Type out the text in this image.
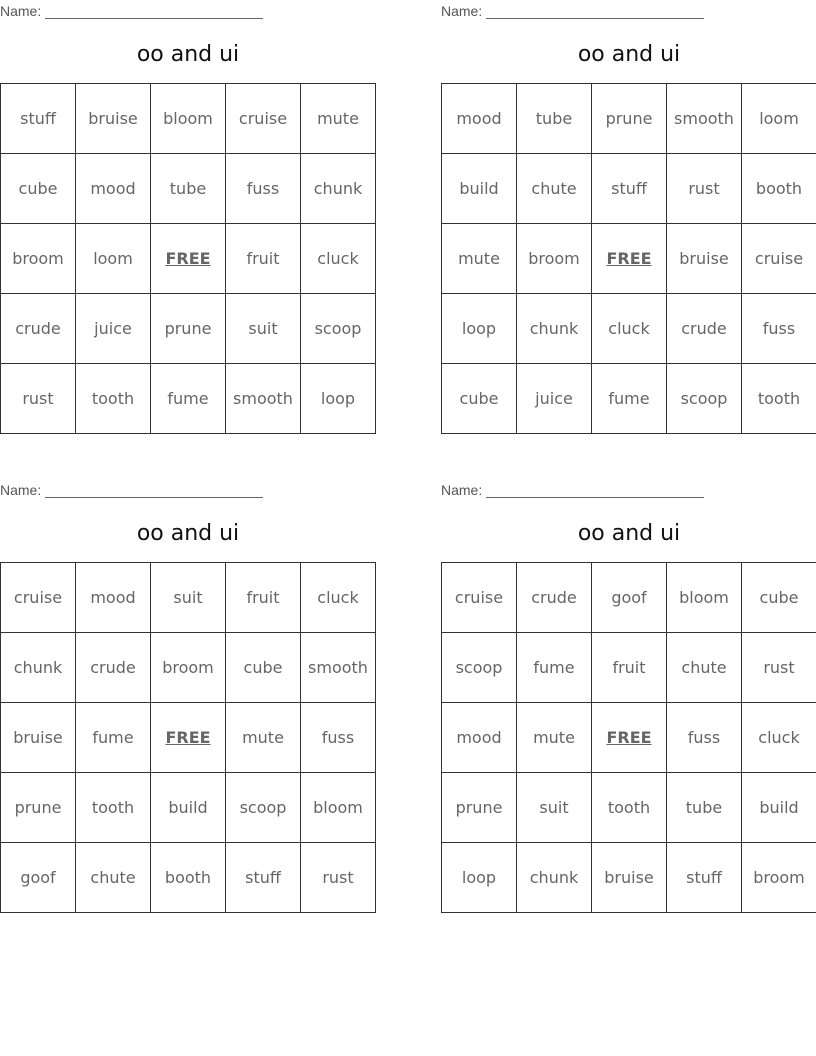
Name:
oo and ui
stuff	bruise	bloom	cruise	mute
cube	mood	tube	fuss	chunk
broom	loom	FREE	fruit	cluck
crude	juice	prune	suit	scoop
rust	tooth	fume	smooth	loop
Name:
oo and ui
mood	tube	prune	smooth	loom
build	chute	stuff	rust	booth
mute	broom	FREE	bruise	cruise
loop	chunk	cluck	crude	fuss
cube	juice	fume	scoop	tooth
Name:
oo and ui
cruise	mood	suit	fruit	cluck
chunk	crude	broom	cube	smooth
bruise	fume	FREE	mute	fuss
prune	tooth	build	scoop	bloom
goof	chute	booth	stuff	rust
Name:
oo and ui
cruise	crude	goof	bloom	cube
scoop	fume	fruit	chute	rust
mood	mute	FREE	fuss	cluck
prune	suit	tooth	tube	build
loop	chunk	bruise	stuff	broom
